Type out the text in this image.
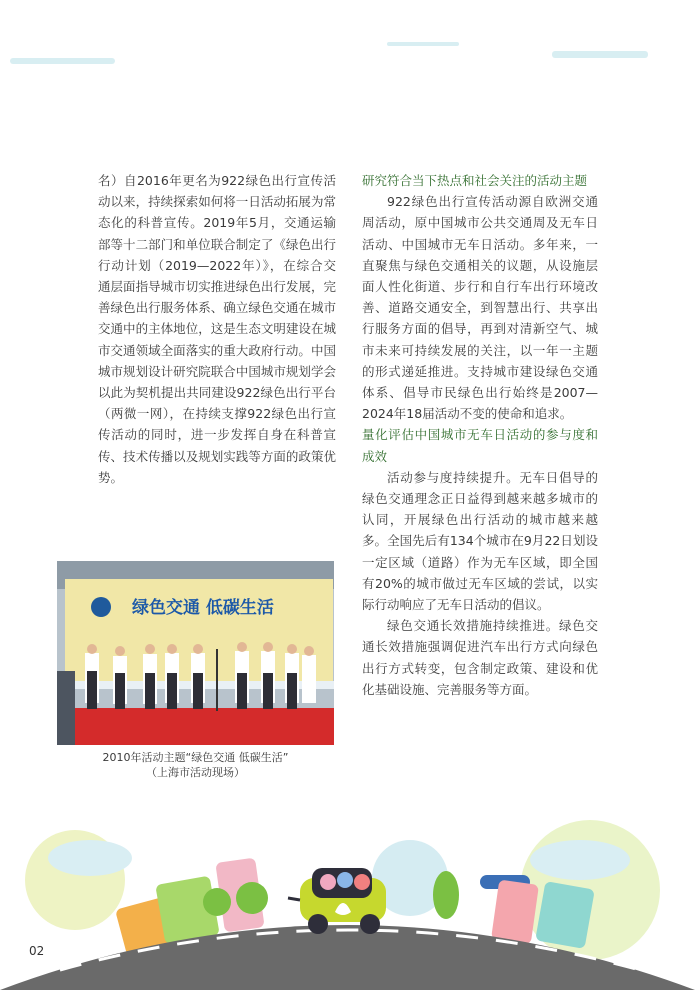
名）自2016年更名为922绿色出行宣传活动以来，持续探索如何将一日活动拓展为常态化的科普宣传。2019年5月，交通运输部等十二部门和单位联合制定了《绿色出行行动计划（2019—2022年）》，在综合交通层面指导城市切实推进绿色出行发展，完善绿色出行服务体系、确立绿色交通在城市交通中的主体地位，这是生态文明建设在城市交通领域全面落实的重大政府行动。中国城市规划设计研究院联合中国城市规划学会以此为契机提出共同建设922绿色出行平台（两微一网），在持续支撑922绿色出行宣传活动的同时，进一步发挥自身在科普宣传、技术传播以及规划实践等方面的政策优势。

绿色交通 低碳生活
2010年活动主题“绿色交通 低碳生活”
（上海市活动现场）

研究符合当下热点和社会关注的活动主题

922绿色出行宣传活动源自欧洲交通周活动，原中国城市公共交通周及无车日活动、中国城市无车日活动。多年来，一直聚焦与绿色交通相关的议题，从设施层面人性化街道、步行和自行车出行环境改善、道路交通安全，到智慧出行、共享出行服务方面的倡导，再到对清新空气、城市未来可持续发展的关注，以一年一主题的形式递延推进。支持城市建设绿色交通体系、倡导市民绿色出行始终是2007—2024年18届活动不变的使命和追求。

量化评估中国城市无车日活动的参与度和成效

活动参与度持续提升。无车日倡导的绿色交通理念正日益得到越来越多城市的认同，开展绿色出行活动的城市越来越多。全国先后有134个城市在9月22日划设一定区域（道路）作为无车区域，即全国有20%的城市做过无车区域的尝试，以实际行动响应了无车日活动的倡议。

绿色交通长效措施持续推进。绿色交通长效措施强调促进汽车出行方式向绿色出行方式转变，包含制定政策、建设和优化基础设施、完善服务等方面。

02
